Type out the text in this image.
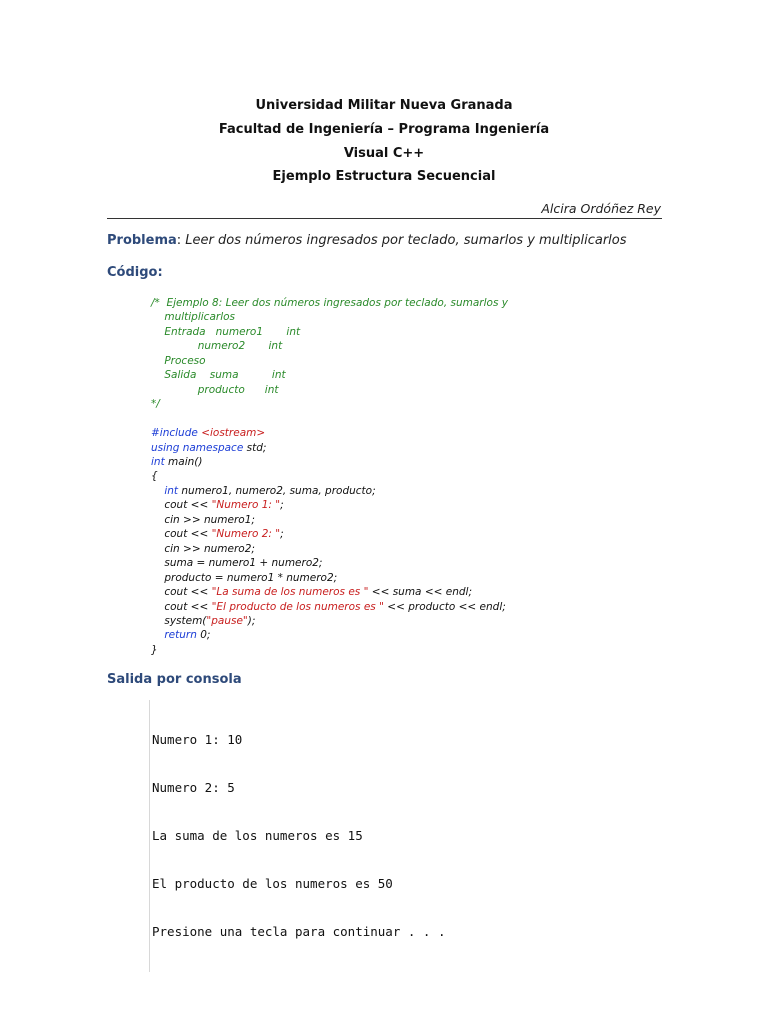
Universidad Militar Nueva Granada
Facultad de Ingeniería – Programa Ingeniería
Visual C++
Ejemplo Estructura Secuencial
Alcira Ordóñez Rey
Problema: Leer dos números ingresados por teclado, sumarlos y multiplicarlos
Código:
/*  Ejemplo 8: Leer dos números ingresados por teclado, sumarlos y
multiplicarlos
Entrada   numero1       int
numero2       int
Proceso
Salida    suma          int
producto      int
*/

#include <iostream>
using namespace std;
int main()
{
int numero1, numero2, suma, producto;
cout << "Numero 1: ";
cin >> numero1;
cout << "Numero 2: ";
cin >> numero2;
suma = numero1 + numero2;
producto = numero1 * numero2;
cout << "La suma de los numeros es " << suma << endl;
cout << "El producto de los numeros es " << producto << endl;
system("pause");
return 0;
}
Salida por consola

Numero 1: 10

Numero 2: 5

La suma de los numeros es 15

El producto de los numeros es 50

Presione una tecla para continuar . . .
